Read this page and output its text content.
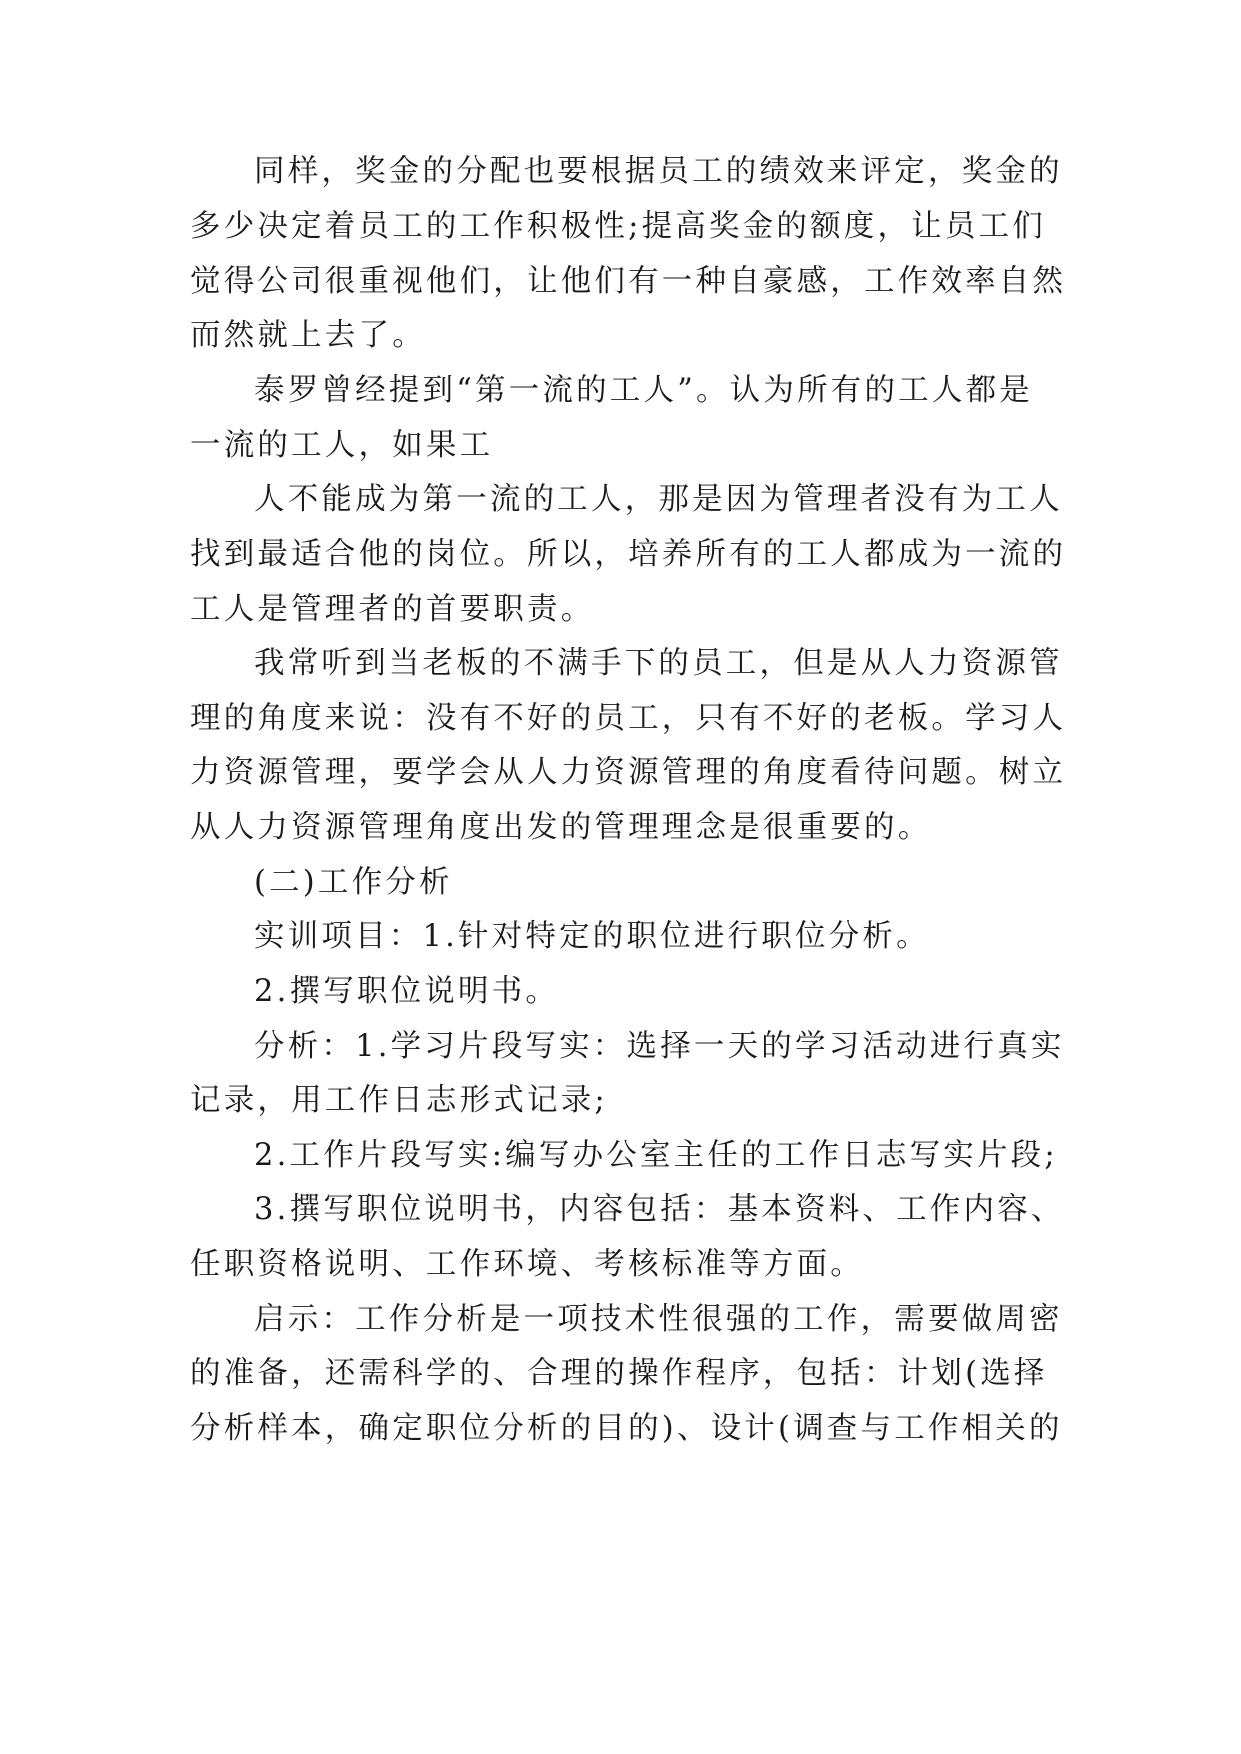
同样，奖金的分配也要根据员工的绩效来评定，奖金的
多少决定着员工的工作积极性;提高奖金的额度，让员工们
觉得公司很重视他们，让他们有一种自豪感，工作效率自然
而然就上去了。
泰罗曾经提到“第一流的工人”。认为所有的工人都是
一流的工人，如果工
人不能成为第一流的工人，那是因为管理者没有为工人
找到最适合他的岗位。所以，培养所有的工人都成为一流的
工人是管理者的首要职责。
我常听到当老板的不满手下的员工，但是从人力资源管
理的角度来说：没有不好的员工，只有不好的老板。学习人
力资源管理，要学会从人力资源管理的角度看待问题。树立
从人力资源管理角度出发的管理理念是很重要的。
(二)工作分析
实训项目：1.针对特定的职位进行职位分析。
2.撰写职位说明书。
分析：1.学习片段写实：选择一天的学习活动进行真实
记录，用工作日志形式记录;
2.工作片段写实:编写办公室主任的工作日志写实片段;
3.撰写职位说明书，内容包括：基本资料、工作内容、
任职资格说明、工作环境、考核标准等方面。
启示：工作分析是一项技术性很强的工作，需要做周密
的准备，还需科学的、合理的操作程序，包括：计划(选择
分析样本，确定职位分析的目的)、设计(调查与工作相关的
